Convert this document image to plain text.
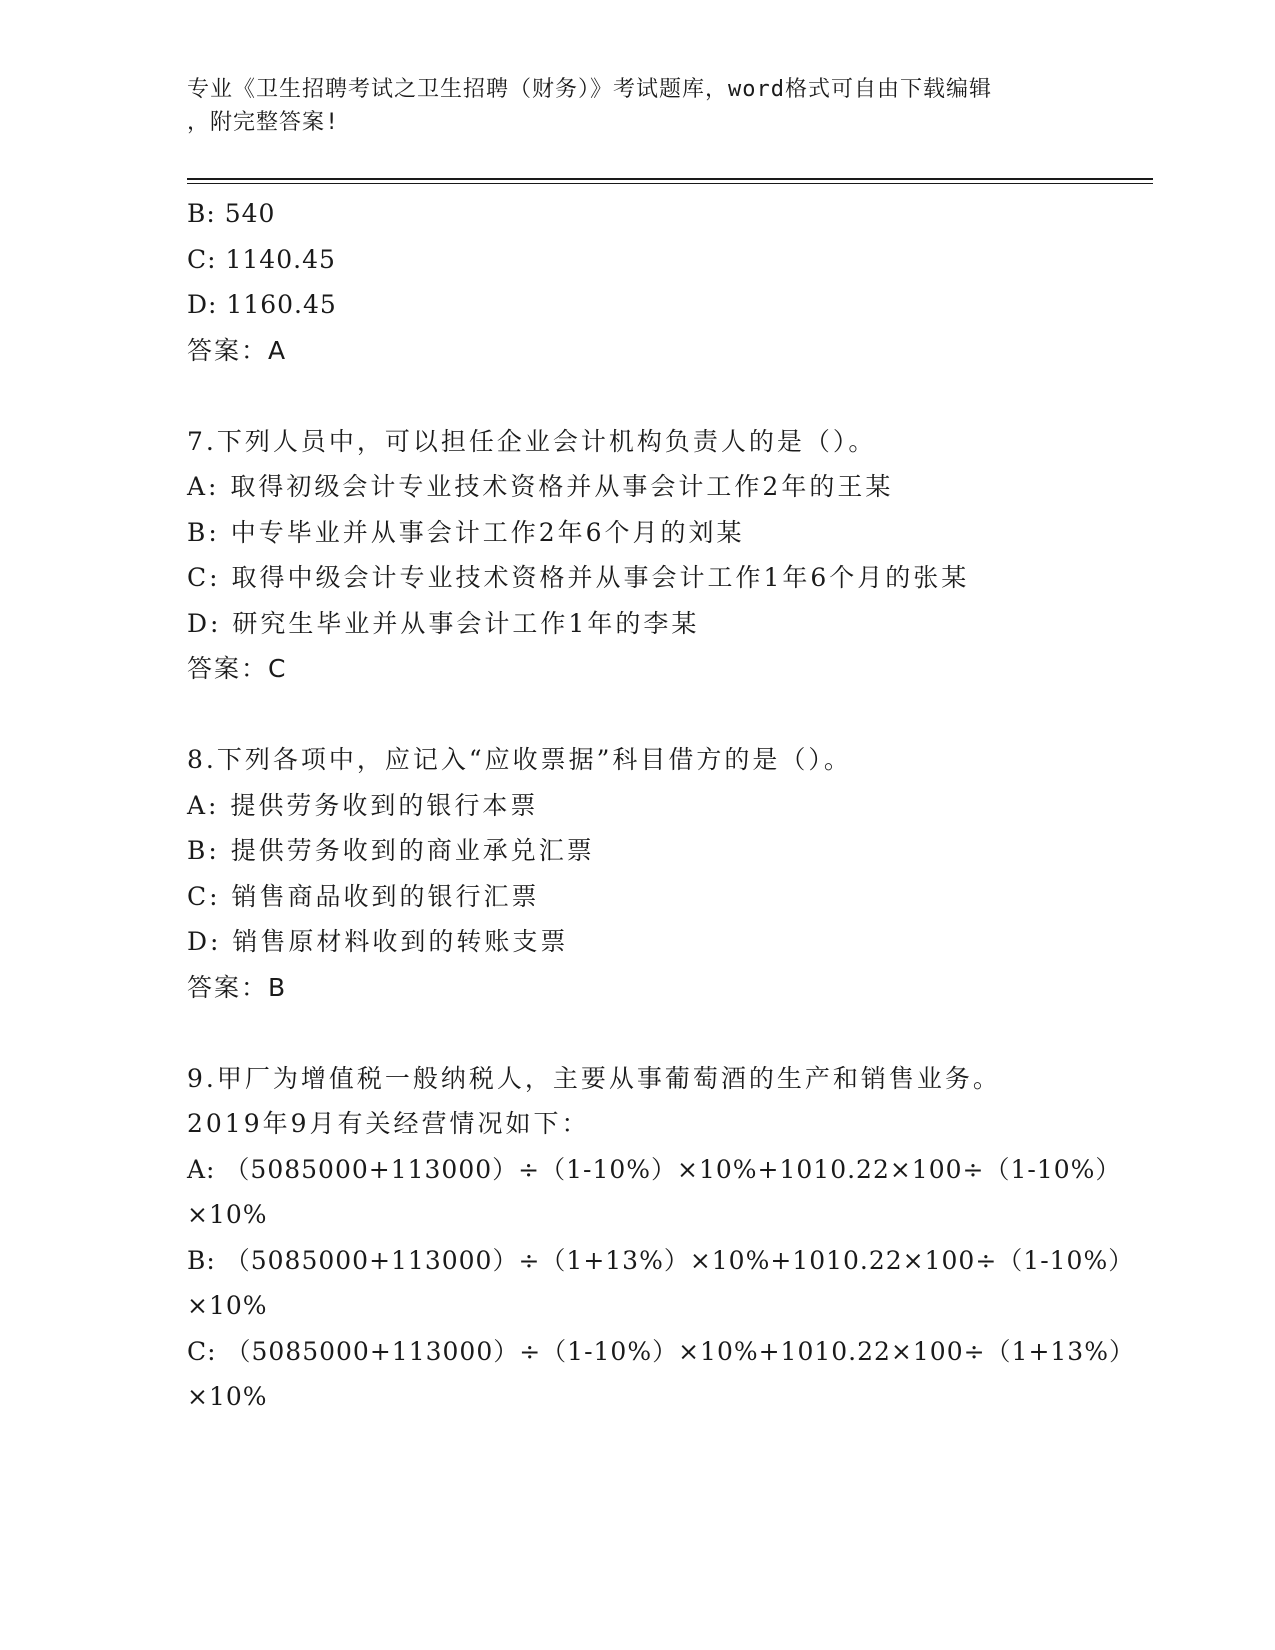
专业《卫生招聘考试之卫生招聘（财务）》考试题库，word格式可自由下载编辑
，附完整答案!
B: 540
C: 1140.45
D: 1160.45
答案：A
7.下列人员中，可以担任企业会计机构负责人的是（）。
A: 取得初级会计专业技术资格并从事会计工作2年的王某
B: 中专毕业并从事会计工作2年6个月的刘某
C: 取得中级会计专业技术资格并从事会计工作1年6个月的张某
D: 研究生毕业并从事会计工作1年的李某
答案：C
8.下列各项中，应记入“应收票据”科目借方的是（）。
A: 提供劳务收到的银行本票
B: 提供劳务收到的商业承兑汇票
C: 销售商品收到的银行汇票
D: 销售原材料收到的转账支票
答案：B
9.甲厂为增值税一般纳税人，主要从事葡萄酒的生产和销售业务。
2019年9月有关经营情况如下：
A: （5085000+113000）÷（1-10%）×10%+1010.22×100÷（1-10%）
×10%
B: （5085000+113000）÷（1+13%）×10%+1010.22×100÷（1-10%）
×10%
C: （5085000+113000）÷（1-10%）×10%+1010.22×100÷（1+13%）
×10%
